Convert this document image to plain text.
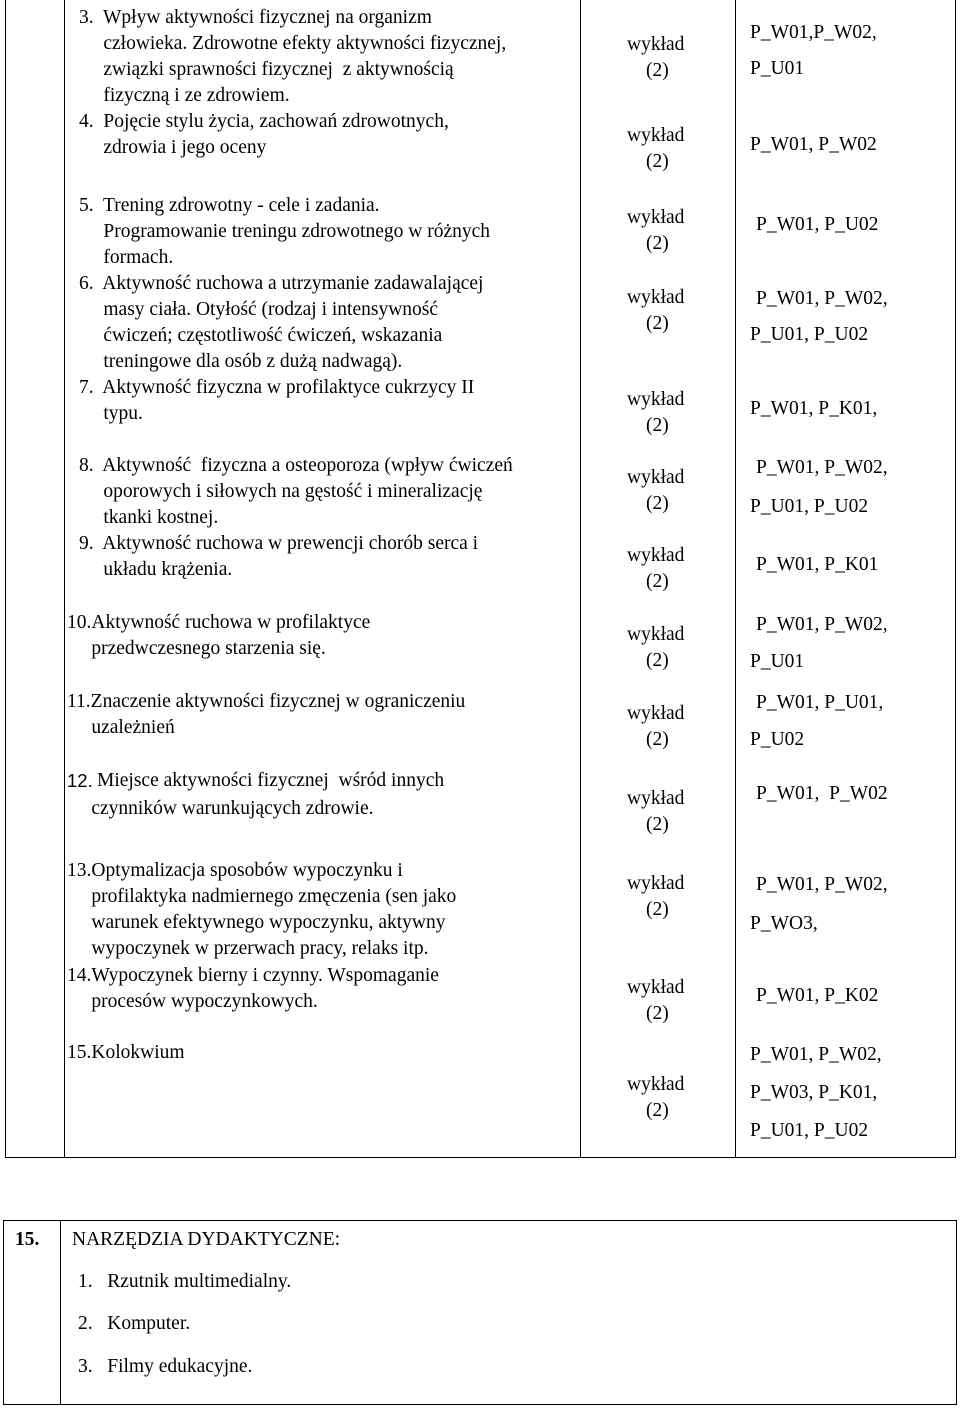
3.  Wpływ aktywności fizycznej na organizm
człowieka. Zdrowotne efekty aktywności fizycznej,
związki sprawności fizycznej  z aktywnością
fizyczną i ze zdrowiem.
4.  Pojęcie stylu życia, zachowań zdrowotnych,
zdrowia i jego oceny
5.  Trening zdrowotny - cele i zadania.
Programowanie treningu zdrowotnego w różnych
formach.
6.  Aktywność ruchowa a utrzymanie zadawalającej
masy ciała. Otyłość (rodzaj i intensywność
ćwiczeń; częstotliwość ćwiczeń, wskazania
treningowe dla osób z dużą nadwagą).
7.  Aktywność fizyczna w profilaktyce cukrzycy II
typu.
8.  Aktywność  fizyczna a osteoporoza (wpływ ćwiczeń
oporowych i siłowych na gęstość i mineralizację
tkanki kostnej.
9.  Aktywność ruchowa w prewencji chorób serca i
układu krążenia.
10.Aktywność ruchowa w profilaktyce
przedwczesnego starzenia się.
11.Znaczenie aktywności fizycznej w ograniczeniu
uzależnień
12. Miejsce aktywności fizycznej  wśród innych
czynników warunkujących zdrowie.
13.Optymalizacja sposobów wypoczynku i
profilaktyka nadmiernego zmęczenia (sen jako
warunek efektywnego wypoczynku, aktywny
wypoczynek w przerwach pracy, relaks itp.
14.Wypoczynek bierny i czynny. Wspomaganie
procesów wypoczynkowych.
15.Kolokwium
wykład
(2)
wykład
(2)
wykład
(2)
wykład
(2)
wykład
(2)
wykład
(2)
wykład
(2)
wykład
(2)
wykład
(2)
wykład
(2)
wykład
(2)
wykład
(2)
wykład
(2)
P_W01,P_W02,
P_U01
P_W01, P_W02
P_W01, P_U02
P_W01, P_W02,
P_U01, P_U02
P_W01, P_K01,
P_W01, P_W02,
P_U01, P_U02
P_W01, P_K01
P_W01, P_W02,
P_U01
P_W01, P_U01,
P_U02
P_W01,  P_W02
P_W01, P_W02,
P_WO3,
P_W01, P_K02
P_W01, P_W02,
P_W03, P_K01,
P_U01, P_U02
15. NARZĘDZIA DYDAKTYCZNE:
1.   Rzutnik multimedialny.
2.   Komputer.
3.   Filmy edukacyjne.
